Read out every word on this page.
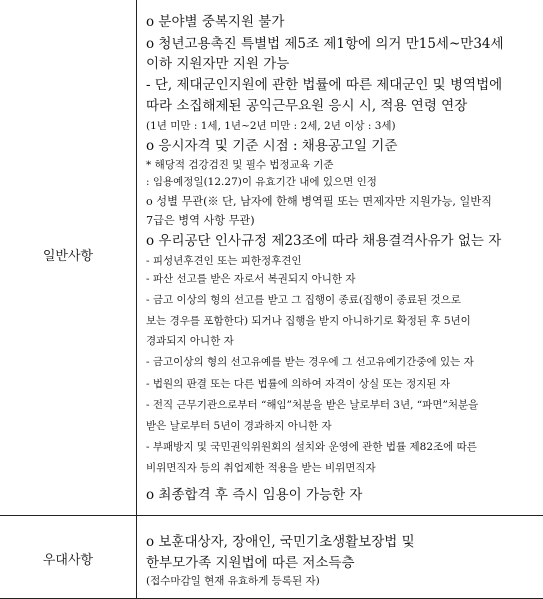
일반사항
o 분야별 중복지원 불가
o 청년고용촉진 특별법 제5조 제1항에 의거 만15세~만34세
이하 지원자만 지원 가능
- 단, 제대군인지원에 관한 법률에 따른 제대군인 및 병역법에
따라 소집해제된 공익근무요원 응시 시, 적용 연령 연장
(1년 미만 : 1세, 1년~2년 미만 : 2세, 2년 이상 : 3세)
o 응시자격 및 기준 시점 : 채용공고일 기준
* 해당적 검강검진 및 필수 법정교육 기준
: 임용예정일(12.27)이 유효기간 내에 있으면 인정
o 성별 무관(※ 단, 남자에 한해 병역필 또는 면제자만 지원가능, 일반직
7급은 병역 사항 무관)
o 우리공단 인사규정 제23조에 따라 채용결격사유가 없는 자
- 피성년후견인 또는 피한정후견인
- 파산 선고를 받은 자로서 복권되지 아니한 자
- 금고 이상의 형의 선고를 받고 그 집행이 종료(집행이 종료된 것으로
보는 경우를 포함한다) 되거나 집행을 받지 아니하기로 확정된 후 5년이
경과되지 아니한 자
- 금고이상의 형의 선고유예를 받는 경우에 그 선고유예기간중에 있는 자
- 법원의 판결 또는 다른 법률에 의하여 자격이 상실 또는 정지된 자
- 전직 근무기관으로부터 “해임”처분을 받은 날로부터 3년, “파면”처분을
받은 날로부터 5년이 경과하지 아니한 자
- 부패방지 및 국민권익위원회의 설치와 운영에 관한 법률 제82조에 따른
비위면직자 등의 취업제한 적용을 받는 비위면직자
o 최종합격 후 즉시 임용이 가능한 자
우대사항
o 보훈대상자, 장애인, 국민기초생활보장법 및
한부모가족 지원법에 따른 저소득층
(접수마감일 현재 유효하게 등록된 자)
